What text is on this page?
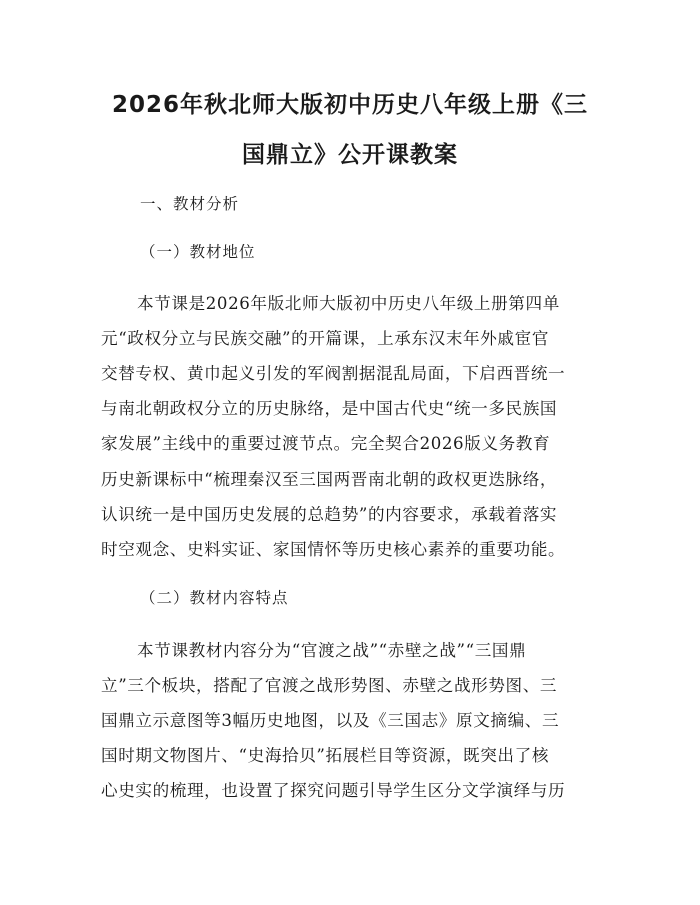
2026年秋北师大版初中历史八年级上册《三
国鼎立》公开课教案

一、教材分析

（一）教材地位

本节课是2026年版北师大版初中历史八年级上册第四单

元“政权分立与民族交融”的开篇课，上承东汉末年外戚宦官

交替专权、黄巾起义引发的军阀割据混乱局面，下启西晋统一

与南北朝政权分立的历史脉络，是中国古代史“统一多民族国

家发展”主线中的重要过渡节点。完全契合2026版义务教育

历史新课标中“梳理秦汉至三国两晋南北朝的政权更迭脉络，

认识统一是中国历史发展的总趋势”的内容要求，承载着落实

时空观念、史料实证、家国情怀等历史核心素养的重要功能。

（二）教材内容特点

本节课教材内容分为“官渡之战”“赤壁之战”“三国鼎

立”三个板块，搭配了官渡之战形势图、赤壁之战形势图、三

国鼎立示意图等3幅历史地图，以及《三国志》原文摘编、三

国时期文物图片、“史海拾贝”拓展栏目等资源，既突出了核

心史实的梳理，也设置了探究问题引导学生区分文学演绎与历
